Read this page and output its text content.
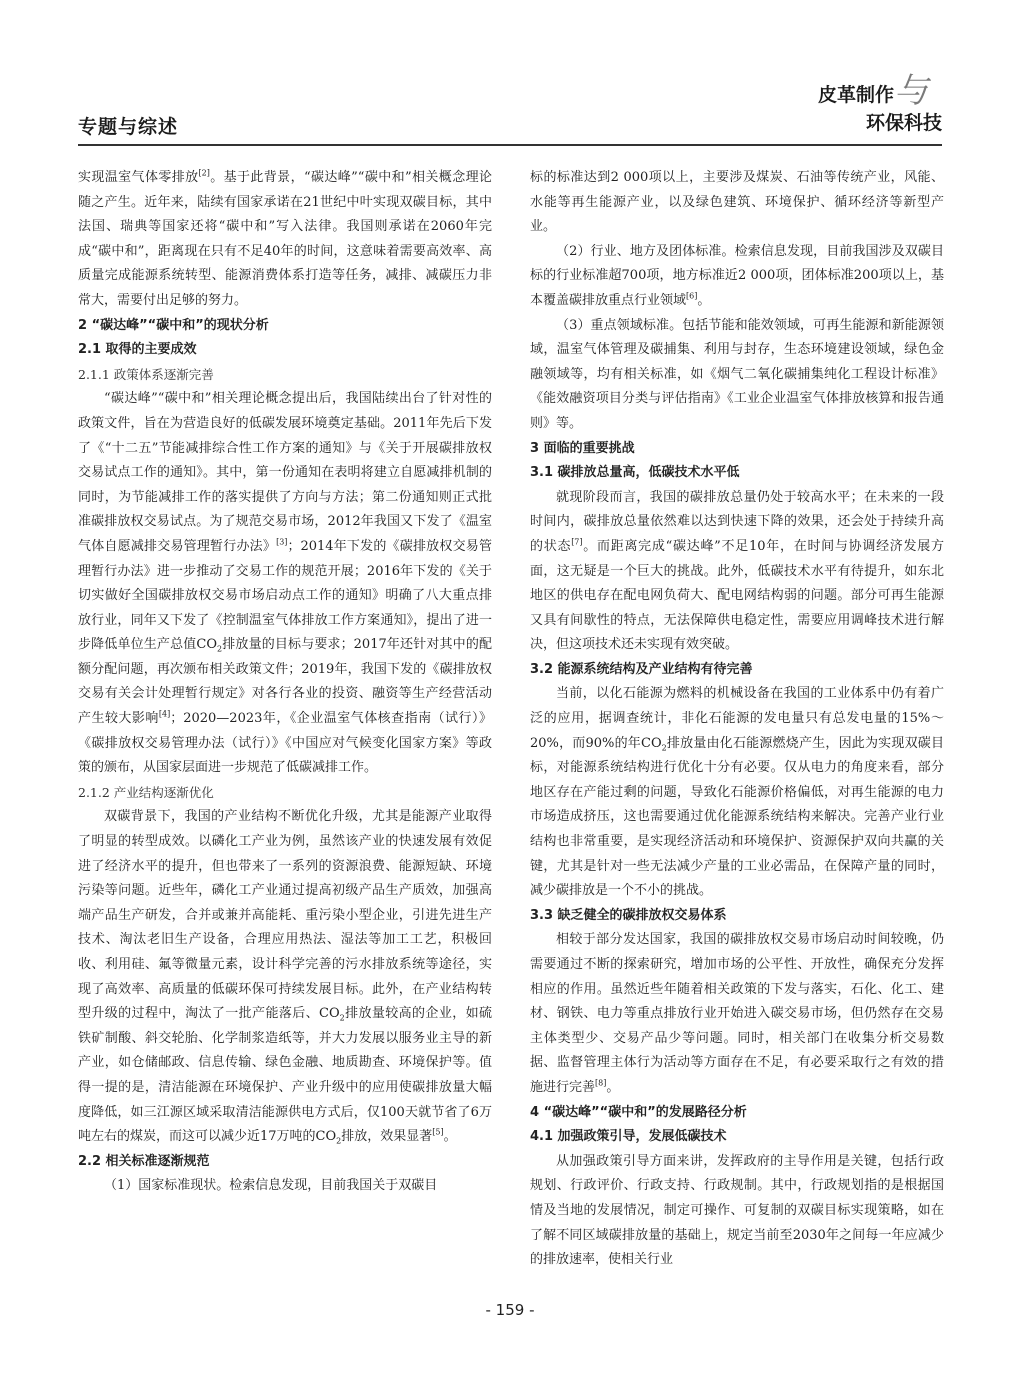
专题与综述
皮革制作 与
环保科技

实现温室气体零排放[2]。基于此背景，“碳达峰”“碳中和”相关概念理论随之产生。近年来，陆续有国家承诺在21世纪中叶实现双碳目标，其中法国、瑞典等国家还将“碳中和”写入法律。我国则承诺在2060年完成“碳中和”，距离现在只有不足40年的时间，这意味着需要高效率、高质量完成能源系统转型、能源消费体系打造等任务，减排、减碳压力非常大，需要付出足够的努力。

2 “碳达峰”“碳中和”的现状分析
2.1 取得的主要成效
2.1.1 政策体系逐渐完善

“碳达峰”“碳中和”相关理论概念提出后，我国陆续出台了针对性的政策文件，旨在为营造良好的低碳发展环境奠定基础。2011年先后下发了《“十二五”节能减排综合性工作方案的通知》与《关于开展碳排放权交易试点工作的通知》。其中，第一份通知在表明将建立自愿减排机制的同时，为节能减排工作的落实提供了方向与方法；第二份通知则正式批准碳排放权交易试点。为了规范交易市场，2012年我国又下发了《温室气体自愿减排交易管理暂行办法》[3]；2014年下发的《碳排放权交易管理暂行办法》进一步推动了交易工作的规范开展；2016年下发的《关于切实做好全国碳排放权交易市场启动点工作的通知》明确了八大重点排放行业，同年又下发了《控制温室气体排放工作方案通知》，提出了进一步降低单位生产总值$CO_2$排放量的目标与要求；2017年还针对其中的配额分配问题，再次颁布相关政策文件；2019年，我国下发的《碳排放权交易有关会计处理暂行规定》对各行各业的投资、融资等生产经营活动产生较大影响[4]；2020—2023年，《企业温室气体核查指南（试行）》《碳排放权交易管理办法（试行）》《中国应对气候变化国家方案》等政策的颁布，从国家层面进一步规范了低碳减排工作。

2.1.2 产业结构逐渐优化

双碳背景下，我国的产业结构不断优化升级，尤其是能源产业取得了明显的转型成效。以磷化工产业为例，虽然该产业的快速发展有效促进了经济水平的提升，但也带来了一系列的资源浪费、能源短缺、环境污染等问题。近些年，磷化工产业通过提高初级产品生产质效，加强高端产品生产研发，合并或兼并高能耗、重污染小型企业，引进先进生产技术、淘汰老旧生产设备，合理应用热法、湿法等加工工艺，积极回收、利用硅、氟等微量元素，设计科学完善的污水排放系统等途径，实现了高效率、高质量的低碳环保可持续发展目标。此外，在产业结构转型升级的过程中，淘汰了一批产能落后、$CO_2$排放量较高的企业，如硫铁矿制酸、斜交轮胎、化学制浆造纸等，并大力发展以服务业主导的新产业，如仓储邮政、信息传输、绿色金融、地质勘查、环境保护等。值得一提的是，清洁能源在环境保护、产业升级中的应用使碳排放量大幅度降低，如三江源区域采取清洁能源供电方式后，仅100天就节省了6万吨左右的煤炭，而这可以减少近17万吨的$CO_2$排放，效果显著[5]。

2.2 相关标准逐渐规范

（1）国家标准现状。检索信息发现，目前我国关于双碳目

标的标准达到2 000项以上，主要涉及煤炭、石油等传统产业，风能、水能等再生能源产业，以及绿色建筑、环境保护、循环经济等新型产业。

（2）行业、地方及团体标准。检索信息发现，目前我国涉及双碳目标的行业标准超700项，地方标准近2 000项，团体标准200项以上，基本覆盖碳排放重点行业领域[6]。

（3）重点领域标准。包括节能和能效领域，可再生能源和新能源领域，温室气体管理及碳捕集、利用与封存，生态环境建设领域，绿色金融领域等，均有相关标准，如《烟气二氧化碳捕集纯化工程设计标准》《能效融资项目分类与评估指南》《工业企业温室气体排放核算和报告通则》等。

3 面临的重要挑战
3.1 碳排放总量高，低碳技术水平低

就现阶段而言，我国的碳排放总量仍处于较高水平；在未来的一段时间内，碳排放总量依然难以达到快速下降的效果，还会处于持续升高的状态[7]。而距离完成“碳达峰”不足10年，在时间与协调经济发展方面，这无疑是一个巨大的挑战。此外，低碳技术水平有待提升，如东北地区的供电存在配电网负荷大、配电网结构弱的问题。部分可再生能源又具有间歇性的特点，无法保障供电稳定性，需要应用调峰技术进行解决，但这项技术还未实现有效突破。

3.2 能源系统结构及产业结构有待完善

当前，以化石能源为燃料的机械设备在我国的工业体系中仍有着广泛的应用，据调查统计，非化石能源的发电量只有总发电量的15%～20%，而90%的年$CO_2$排放量由化石能源燃烧产生，因此为实现双碳目标，对能源系统结构进行优化十分有必要。仅从电力的角度来看，部分地区存在产能过剩的问题，导致化石能源价格偏低，对再生能源的电力市场造成挤压，这也需要通过优化能源系统结构来解决。完善产业行业结构也非常重要，是实现经济活动和环境保护、资源保护双向共赢的关键，尤其是针对一些无法减少产量的工业必需品，在保障产量的同时，减少碳排放是一个不小的挑战。

3.3 缺乏健全的碳排放权交易体系

相较于部分发达国家，我国的碳排放权交易市场启动时间较晚，仍需要通过不断的探索研究，增加市场的公平性、开放性，确保充分发挥相应的作用。虽然近些年随着相关政策的下发与落实，石化、化工、建材、钢铁、电力等重点排放行业开始进入碳交易市场，但仍然存在交易主体类型少、交易产品少等问题。同时，相关部门在收集分析交易数据、监督管理主体行为活动等方面存在不足，有必要采取行之有效的措施进行完善[8]。

4 “碳达峰”“碳中和”的发展路径分析
4.1 加强政策引导，发展低碳技术

从加强政策引导方面来讲，发挥政府的主导作用是关键，包括行政规划、行政评价、行政支持、行政规制。其中，行政规划指的是根据国情及当地的发展情况，制定可操作、可复制的双碳目标实现策略，如在了解不同区域碳排放量的基础上，规定当前至2030年之间每一年应减少的排放速率，使相关行业

- 159 -
